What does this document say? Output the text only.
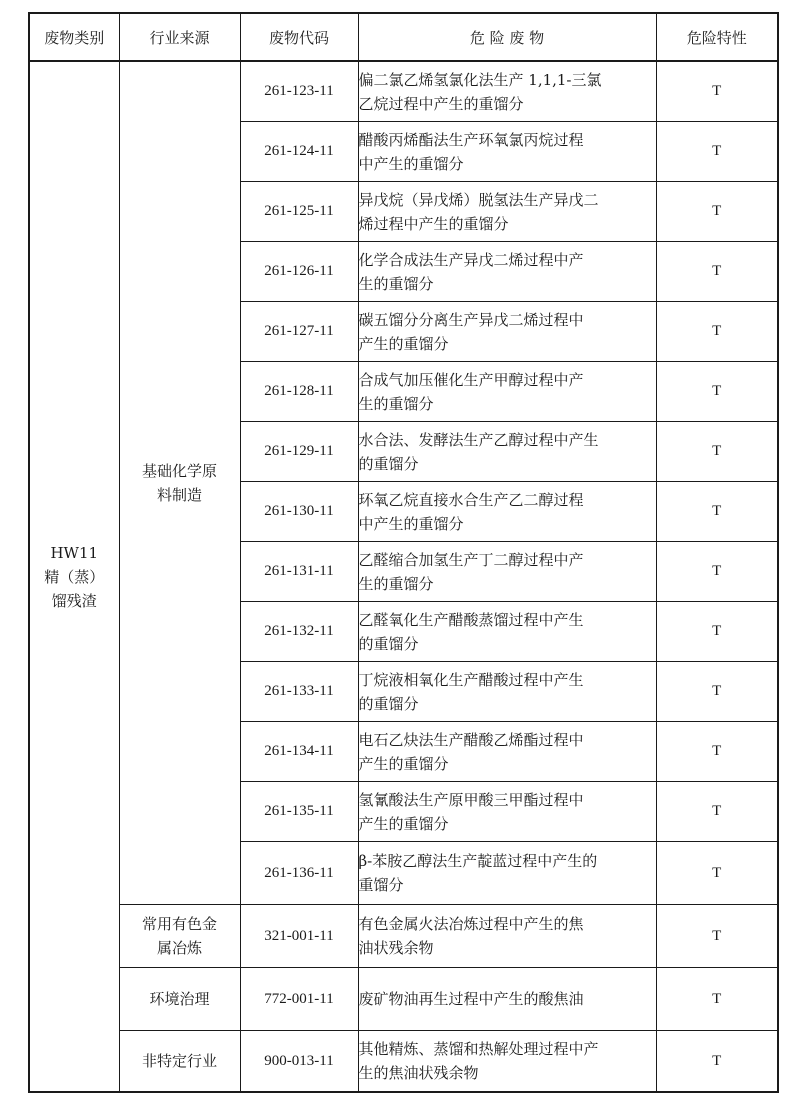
废物类别	行业来源	废物代码	危 险 废 物	危险特性

HW11
精（蒸）
馏残渣	基础化学原
料制造	261-123-11	偏二氯乙烯氢氯化法生产 1,1,1-三氯
乙烷过程中产生的重馏分	T
		261-124-11	醋酸丙烯酯法生产环氧氯丙烷过程
中产生的重馏分	T
		261-125-11	异戊烷（异戊烯）脱氢法生产异戊二
烯过程中产生的重馏分	T
		261-126-11	化学合成法生产异戊二烯过程中产
生的重馏分	T
		261-127-11	碳五馏分分离生产异戊二烯过程中
产生的重馏分	T
		261-128-11	合成气加压催化生产甲醇过程中产
生的重馏分	T
		261-129-11	水合法、发酵法生产乙醇过程中产生
的重馏分	T
		261-130-11	环氧乙烷直接水合生产乙二醇过程
中产生的重馏分	T
		261-131-11	乙醛缩合加氢生产丁二醇过程中产
生的重馏分	T
		261-132-11	乙醛氧化生产醋酸蒸馏过程中产生
的重馏分	T
		261-133-11	丁烷液相氧化生产醋酸过程中产生
的重馏分	T
		261-134-11	电石乙炔法生产醋酸乙烯酯过程中
产生的重馏分	T
		261-135-11	氢氰酸法生产原甲酸三甲酯过程中
产生的重馏分	T
		261-136-11	β-苯胺乙醇法生产靛蓝过程中产生的
重馏分	T

	常用有色金
属冶炼	321-001-11	有色金属火法冶炼过程中产生的焦
油状残余物	T
	环境治理	772-001-11	废矿物油再生过程中产生的酸焦油	T
	非特定行业	900-013-11	其他精炼、蒸馏和热解处理过程中产
生的焦油状残余物	T
